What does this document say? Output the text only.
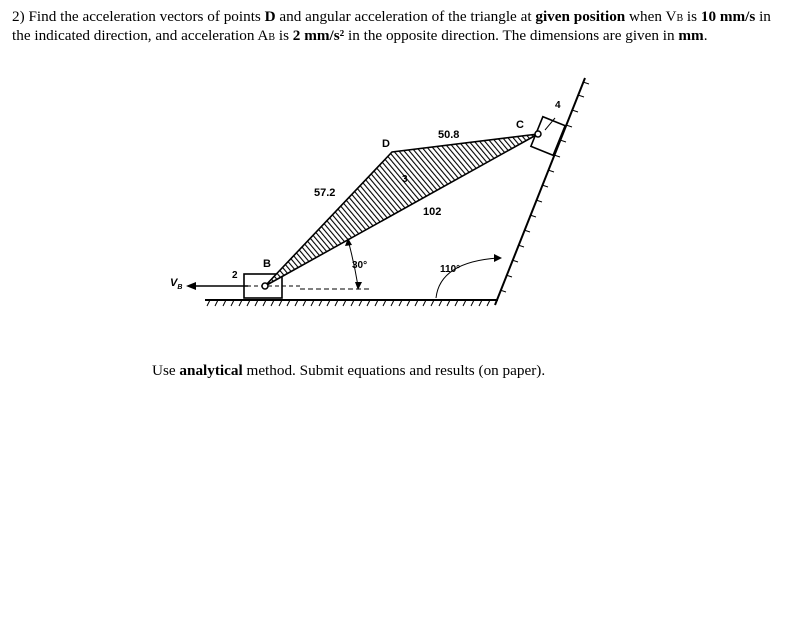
2) Find the acceleration vectors of points D and angular acceleration of the triangle at given position when VB is 10 mm/s in the indicated direction, and acceleration AB is 2 mm/s² in the opposite direction. The dimensions are given in mm.

B
C
D
2
3
4
$V_B$
57.2
50.8
102
30°	110°

Use analytical method. Submit equations and results (on paper).
